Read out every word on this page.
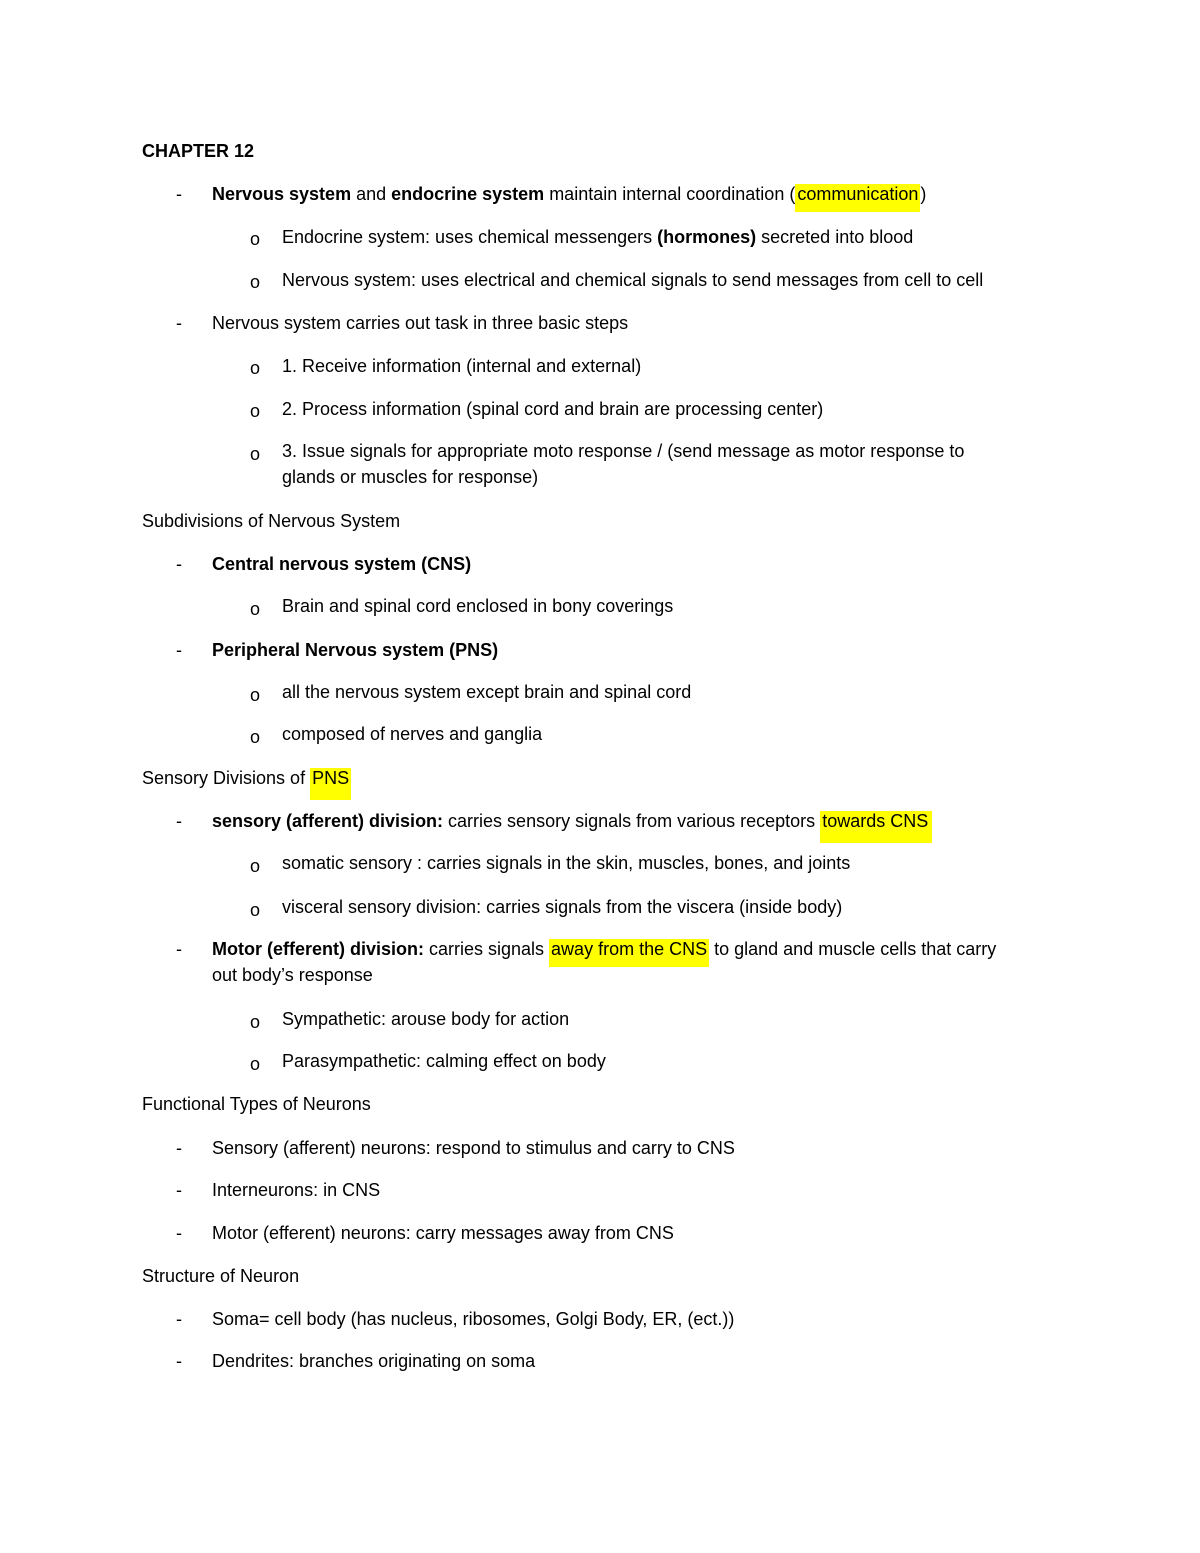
CHAPTER 12
- Nervous system and endocrine system maintain internal coordination ( communication )
o Endocrine system: uses chemical messengers (hormones) secreted into blood
o Nervous system: uses electrical and chemical signals to send messages from cell to cell
- Nervous system carries out task in three basic steps
o 1. Receive information (internal and external)
o 2. Process information (spinal cord and brain are processing center)
o 3. Issue signals for appropriate moto response / (send message as motor response to
glands or muscles for response)
Subdivisions of Nervous System
- Central nervous system (CNS)
o Brain and spinal cord enclosed in bony coverings
- Peripheral Nervous system (PNS)
o all the nervous system except brain and spinal cord
o composed of nerves and ganglia
Sensory Divisions of PNS
- sensory (afferent) division: carries sensory signals from various receptors towards CNS
o somatic sensory : carries signals in the skin, muscles, bones, and joints
o visceral sensory division: carries signals from the viscera (inside body)
- Motor (efferent) division: carries signals away from the CNS to gland and muscle cells that carry
out body’s response
o Sympathetic: arouse body for action
o Parasympathetic: calming effect on body
Functional Types of Neurons
- Sensory (afferent) neurons: respond to stimulus and carry to CNS
- Interneurons: in CNS
- Motor (efferent) neurons: carry messages away from CNS
Structure of Neuron
- Soma= cell body (has nucleus, ribosomes, Golgi Body, ER, (ect.))
- Dendrites: branches originating on soma
